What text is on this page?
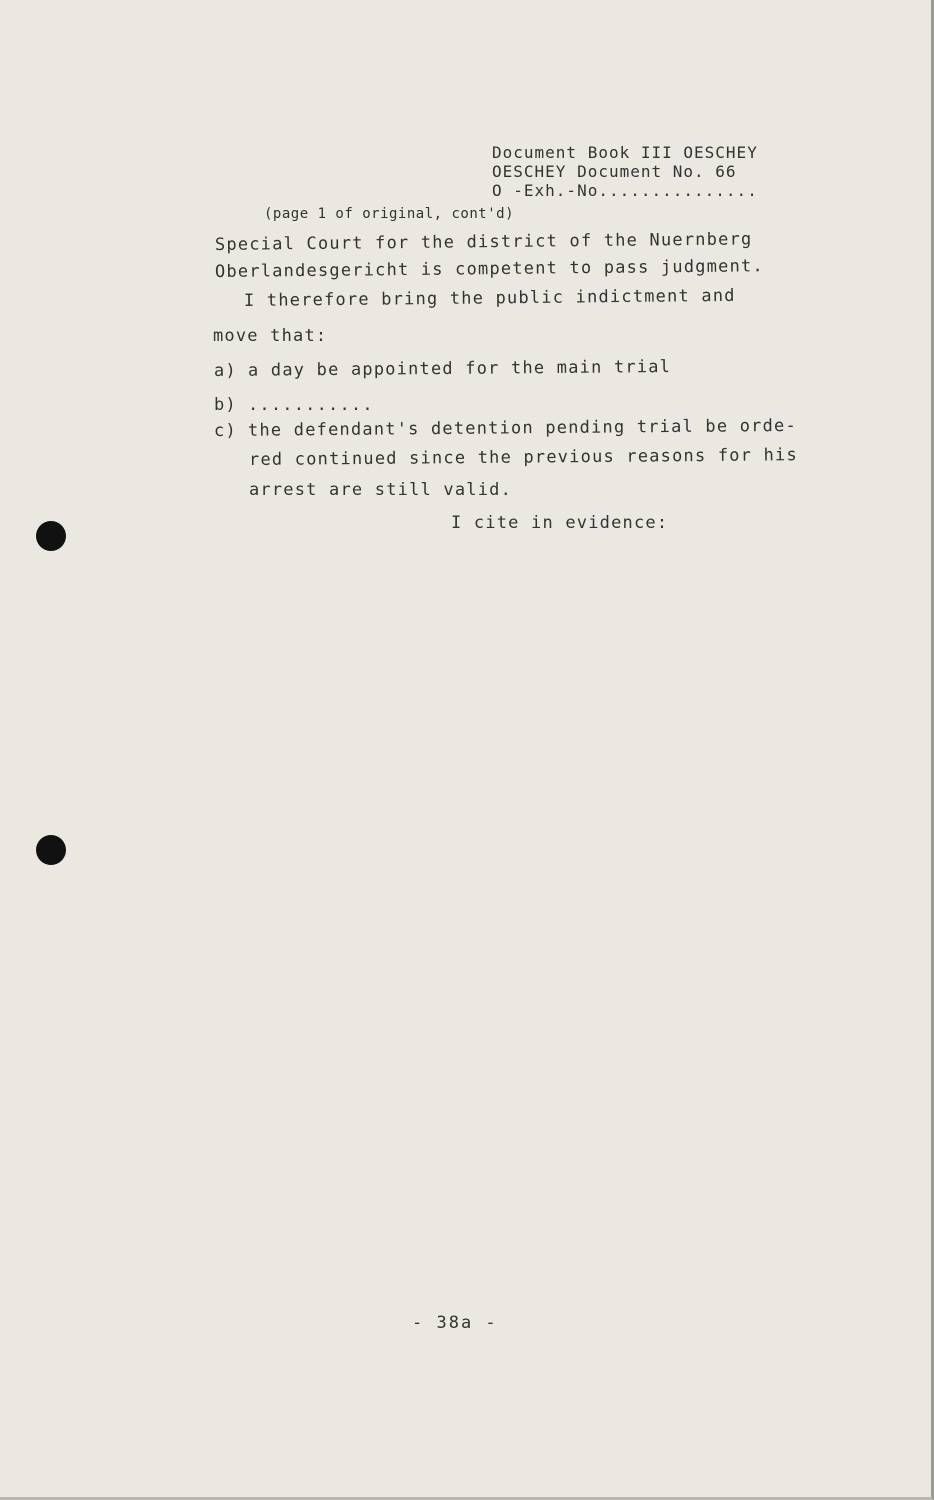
Document Book III OESCHEY
OESCHEY Document No. 66
O -Exh.-No...............
(page 1 of original, cont'd)
Special Court for the district of the Nuernberg
Oberlandesgericht is competent to pass judgment.
I therefore bring the public indictment and
move that:
a) a day be appointed for the main trial
b) ...........
c) the defendant's detention pending trial be orde-
red continued since the previous reasons for his
arrest are still valid.
I cite in evidence:
- 38a -
